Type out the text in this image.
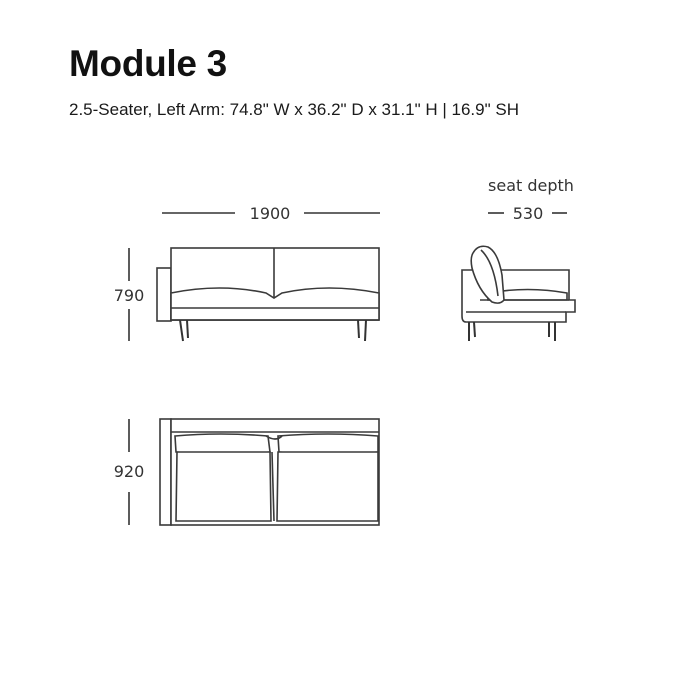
Module 3
2.5-Seater, Left Arm: 74.8" W x 36.2" D x 31.1" H | 16.9" SH
1900
790
seat depth
530
920
